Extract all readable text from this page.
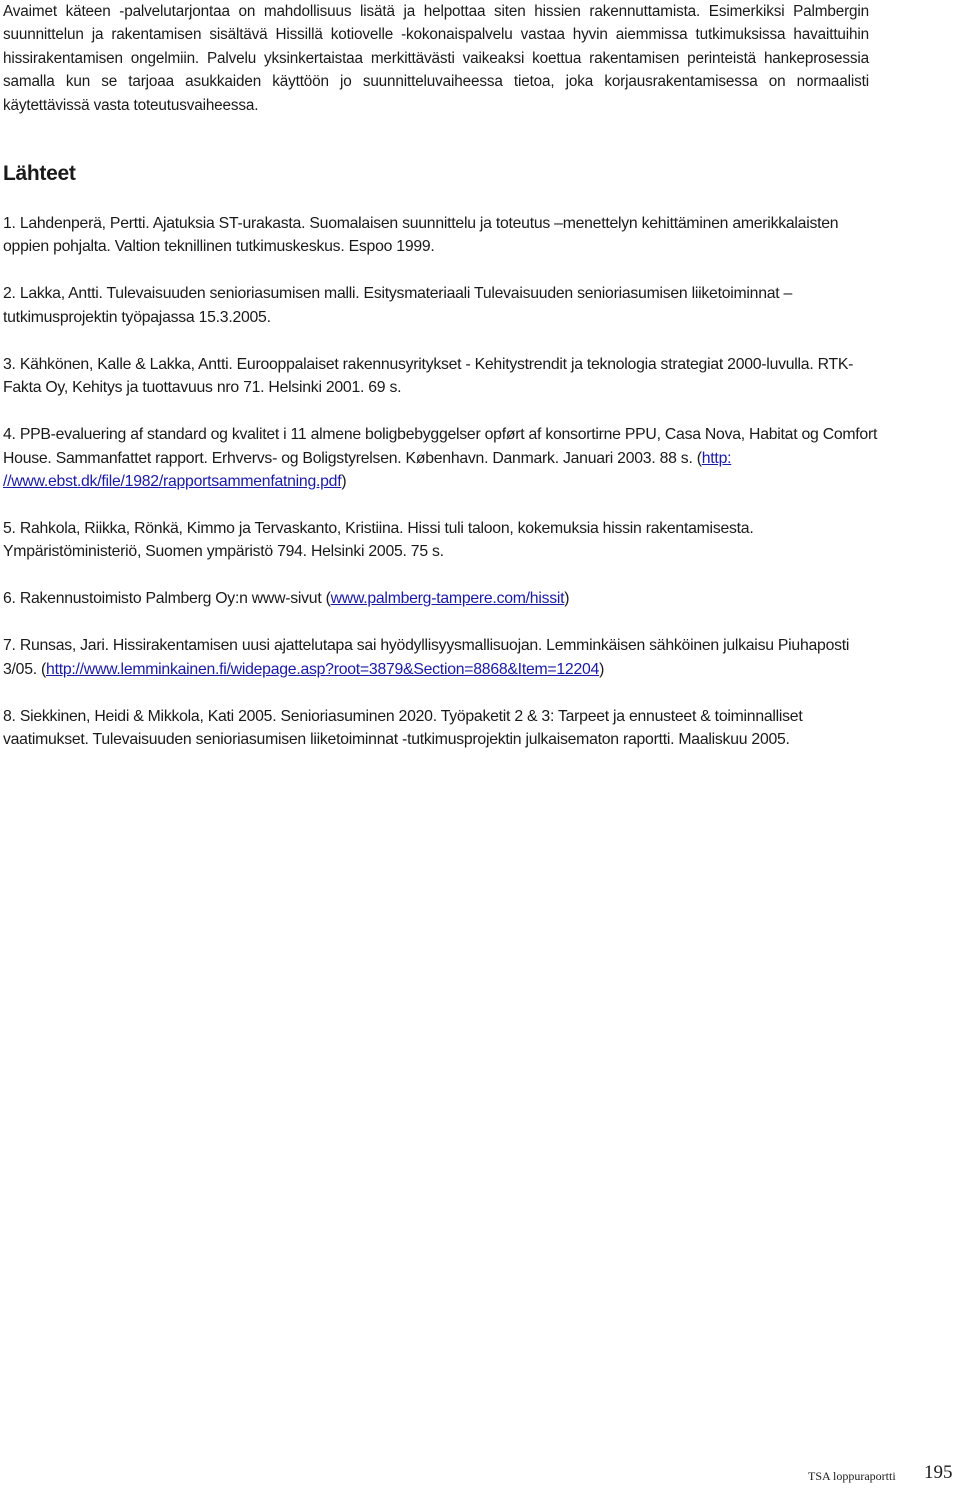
Avaimet käteen -palvelutarjontaa on mahdollisuus lisätä ja helpottaa siten hissien rakennuttamista. Esimerkiksi Palmbergin suunnittelun ja rakentamisen sisältävä Hissillä kotiovelle -kokonaispalvelu vastaa hyvin aiemmissa tutkimuksissa havaittuihin hissirakentamisen ongelmiin. Palvelu yksinkertaistaa merkittävästi vaikeaksi koettua rakentamisen perinteistä hankeprosessia samalla kun se tarjoaa asukkaiden käyttöön jo suunnitteluvaiheessa tietoa, joka korjausrakentamisessa on normaalisti käytettävissä vasta toteutusvaiheessa.
Lähteet

1. Lahdenperä, Pertti. Ajatuksia ST-urakasta. Suomalaisen suunnittelu ja toteutus –menettelyn kehittäminen amerikkalaisten oppien pohjalta. Valtion teknillinen tutkimuskeskus. Espoo 1999.

2. Lakka, Antti. Tulevaisuuden senioriasumisen malli. Esitysmateriaali Tulevaisuuden senioriasumisen liiketoiminnat –tutkimusprojektin työpajassa 15.3.2005.

3. Kähkönen, Kalle & Lakka, Antti. Eurooppalaiset rakennusyritykset - Kehitystrendit ja teknologia strategiat 2000-luvulla. RTK-Fakta Oy, Kehitys ja tuottavuus nro 71. Helsinki 2001. 69 s.

4. PPB-evaluering af standard og kvalitet i 11 almene boligbebyggelser opført af konsortirne PPU, Casa Nova, Habitat og Comfort House. Sammanfattet rapport. Erhvervs- og Boligstyrelsen. København. Danmark. Januari 2003. 88 s. (http: //www.ebst.dk/file/1982/rapportsammenfatning.pdf)

5. Rahkola, Riikka, Rönkä, Kimmo ja Tervaskanto, Kristiina. Hissi tuli taloon, kokemuksia hissin rakentamisesta. Ympäristöministeriö, Suomen ympäristö 794. Helsinki 2005. 75 s.

6. Rakennustoimisto Palmberg Oy:n www-sivut (www.palmberg-tampere.com/hissit)

7. Runsas, Jari. Hissirakentamisen uusi ajattelutapa sai hyödyllisyysmallisuojan. Lemminkäisen sähköinen julkaisu Piuhaposti 3/05. (http://www.lemminkainen.fi/widepage.asp?root=3879&Section=8868&Item=12204)

8. Siekkinen, Heidi & Mikkola, Kati 2005. Senioriasuminen 2020. Työpaketit 2 & 3: Tarpeet ja ennusteet & toiminnalliset vaatimukset. Tulevaisuuden senioriasumisen liiketoiminnat -tutkimusprojektin julkaisematon raportti. Maaliskuu 2005.

TSA loppuraportti 195
